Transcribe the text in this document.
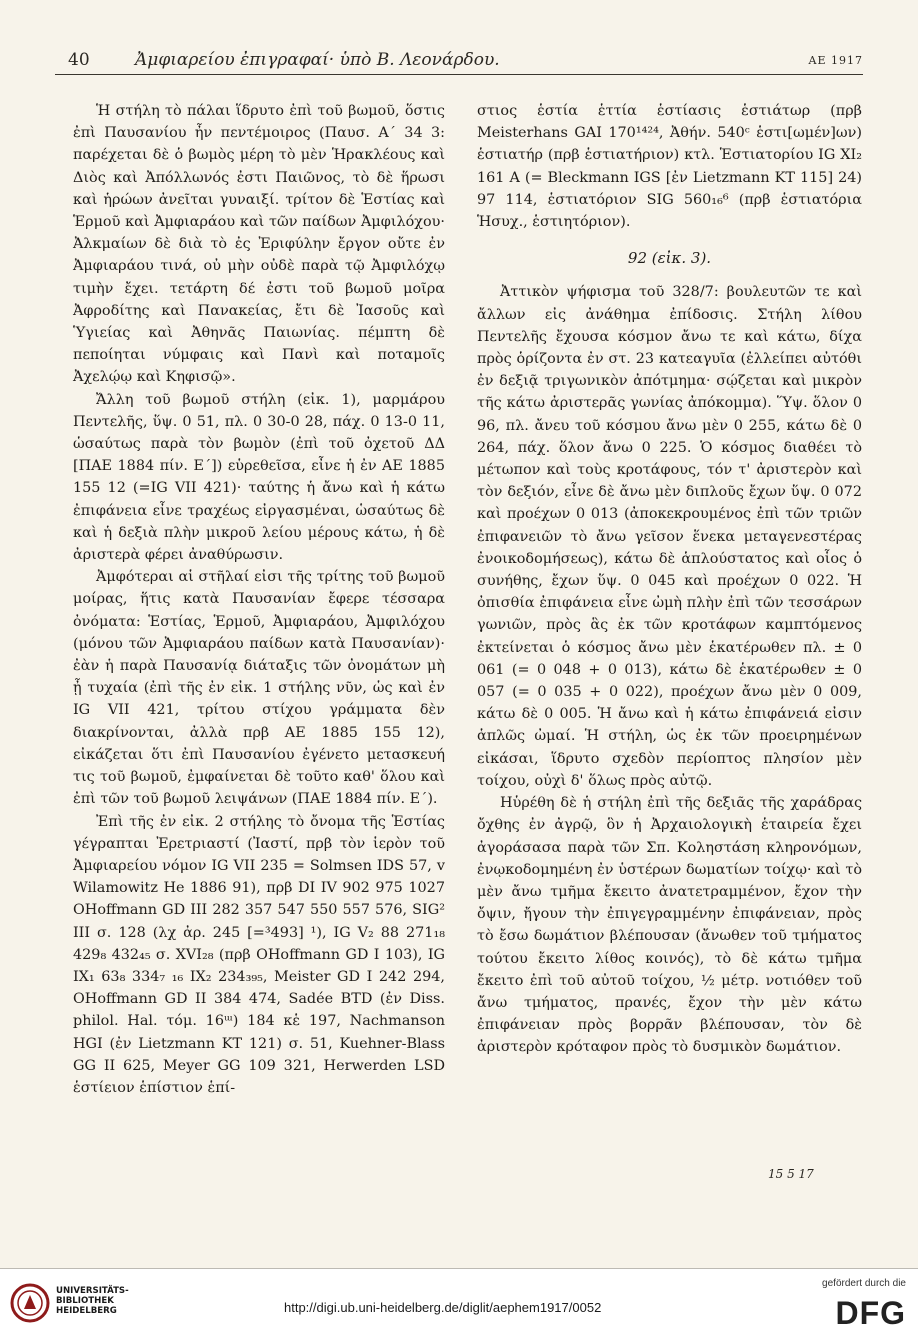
40	Ἀμφιαρείου ἐπιγραφαί· ὑπὸ Β. Λεονάρδου.	ΑΕ 1917

Ἡ στήλη τὸ πάλαι ἵδρυτο ἐπὶ τοῦ βωμοῦ, ὅστις ἐπὶ Παυσανίου ἦν πεντέμοιρος (Παυσ. Α΄ 34 3: παρέχεται δὲ ὁ βωμὸς μέρη τὸ μὲν Ἡρακλέους καὶ Διὸς καὶ Ἀπόλλωνός ἐστι Παιῶνος, τὸ δὲ ἥρωσι καὶ ἡρώων ἀνεῖται γυναιξί. τρίτον δὲ Ἑστίας καὶ Ἑρμοῦ καὶ Ἀμφιαράου καὶ τῶν παίδων Ἀμφιλόχου· Ἀλκμαίων δὲ διὰ τὸ ἐς Ἐριφύλην ἔργον οὔτε ἐν Ἀμφιαράου τινά, οὐ μὴν οὐδὲ παρὰ τῷ Ἀμφιλόχῳ τιμὴν ἔχει. τετάρτη δέ ἐστι τοῦ βωμοῦ μοῖρα Ἀφροδίτης καὶ Πανακείας, ἔτι δὲ Ἰασοῦς καὶ Ὑγιείας καὶ Ἀθηνᾶς Παιωνίας. πέμπτη δὲ πεποίηται νύμφαις καὶ Πανὶ καὶ ποταμοῖς Ἀχελῴῳ καὶ Κηφισῷ».

Ἄλλη τοῦ βωμοῦ στήλη (εἰκ. 1), μαρμάρου Πεντελῆς, ὕψ. 0 51, πλ. 0 30-0 28, πάχ. 0 13-0 11, ὡσαύτως παρὰ τὸν βωμὸν (ἐπὶ τοῦ ὀχετοῦ ΔΔ [ΠΑΕ 1884 πίν. Ε΄]) εὑρεθεῖσα, εἶνε ἡ ἐν ΑΕ 1885 155 12 (=IG VII 421)· ταύτης ἡ ἄνω καὶ ἡ κάτω ἐπιφάνεια εἶνε τραχέως εἰργασμέναι, ὡσαύτως δὲ καὶ ἡ δεξιὰ πλὴν μικροῦ λείου μέρους κάτω, ἡ δὲ ἀριστερὰ φέρει ἀναθύρωσιν.

Ἀμφότεραι αἱ στῆλαί εἰσι τῆς τρίτης τοῦ βωμοῦ μοίρας, ἥτις κατὰ Παυσανίαν ἔφερε τέσσαρα ὀνόματα: Ἑστίας, Ἑρμοῦ, Ἀμφιαράου, Ἀμφιλόχου (μόνου τῶν Ἀμφιαράου παίδων κατὰ Παυσανίαν)· ἐὰν ἡ παρὰ Παυσανίᾳ διάταξις τῶν ὀνομάτων μὴ ᾖ τυχαία (ἐπὶ τῆς ἐν εἰκ. 1 στήλης νῦν, ὡς καὶ ἐν IG VII 421, τρίτου στίχου γράμματα δὲν διακρίνονται, ἀλλὰ πρβ ΑΕ 1885 155 12), εἰκάζεται ὅτι ἐπὶ Παυσανίου ἐγένετο μετασκευή τις τοῦ βωμοῦ, ἐμφαίνεται δὲ τοῦτο καθ' ὅλου καὶ ἐπὶ τῶν τοῦ βωμοῦ λειψάνων (ΠΑΕ 1884 πίν. Ε΄).

Ἐπὶ τῆς ἐν εἰκ. 2 στήλης τὸ ὄνομα τῆς Ἑστίας γέγραπται Ἐρετριαστί (Ἰαστί, πρβ τὸν ἱερὸν τοῦ Ἀμφιαρείου νόμον IG VII 235 = Solmsen IDS 57, v Wilamowitz He 1886 91), πρβ DI IV 902 975 1027 OHoffmann GD III 282 357 547 550 557 576, SIG² III σ. 128 (λχ ἀρ. 245 [=³493] ¹), IG V₂ 88 271₁₈ 429₈ 432₄₅ σ. XVI₂₈ (πρβ OHoffmann GD I 103), IG IX₁ 63₈ 334₇ ₁₆ IX₂ 234₃₉₅, Meister GD I 242 294, OHoffmann GD II 384 474, Sadée BTD (ἐν Diss. philol. Hal. τόμ. 16ᵚ) 184 κἑ 197, Nachmanson HGI (ἐν Lietzmann KT 121) σ. 51, Kuehner-Blass GG II 625, Meyer GG 109 321, Herwerden LSD ἑστίειον ἑπίστιον ἑπί-

στιος ἑστία ἑττία ἑστίασις ἑστιάτωρ (πρβ Meisterhans GAI 170¹⁴²⁴, Ἀθήν. 540ᶜ ἑστι[ωμέν]ων) ἑστιατήρ (πρβ ἑστιατήριον) κτλ. Ἑστιατορίου IG XI₂ 161 A (= Bleckmann IGS [ἐν Lietzmann KT 115] 24) 97 114, ἑστιατόριον SIG 560₁₆⁶ (πρβ ἑστιατόρια Ἡσυχ., ἑστιητόριον).

92 (εἰκ. 3).

Ἀττικὸν ψήφισμα τοῦ 328/7: βουλευτῶν τε καὶ ἄλλων εἰς ἀνάθημα ἐπίδοσις. Στήλη λίθου Πεντελῆς ἔχουσα κόσμον ἄνω τε καὶ κάτω, δίχα πρὸς ὁρίζοντα ἐν στ. 23 κατεαγυῖα (ἐλλείπει αὐτόθι ἐν δεξιᾷ τριγωνικὸν ἀπότμημα· σῴζεται καὶ μικρὸν τῆς κάτω ἀριστερᾶς γωνίας ἀπόκομμα). Ὕψ. ὅλον 0 96, πλ. ἄνευ τοῦ κόσμου ἄνω μὲν 0 255, κάτω δὲ 0 264, πάχ. ὅλον ἄνω 0 225. Ὁ κόσμος διαθέει τὸ μέτωπον καὶ τοὺς κροτάφους, τόν τ' ἀριστερὸν καὶ τὸν δεξιόν, εἶνε δὲ ἄνω μὲν διπλοῦς ἔχων ὕψ. 0 072 καὶ προέχων 0 013 (ἀποκεκρουμένος ἐπὶ τῶν τριῶν ἐπιφανειῶν τὸ ἄνω γεῖσον ἕνεκα μεταγενεστέρας ἐνοικοδομήσεως), κάτω δὲ ἁπλούστατος καὶ οἷος ὁ συνήθης, ἔχων ὕψ. 0 045 καὶ προέχων 0 022. Ἡ ὀπισθία ἐπιφάνεια εἶνε ὠμὴ πλὴν ἐπὶ τῶν τεσσάρων γωνιῶν, πρὸς ἃς ἐκ τῶν κροτάφων καμπτόμενος ἐκτείνεται ὁ κόσμος ἄνω μὲν ἑκατέρωθεν πλ. ± 0 061 (= 0 048 + 0 013), κάτω δὲ ἑκατέρωθεν ± 0 057 (= 0 035 + 0 022), προέχων ἄνω μὲν 0 009, κάτω δὲ 0 005. Ἡ ἄνω καὶ ἡ κάτω ἐπιφάνειά εἰσιν ἁπλῶς ὠμαί. Ἡ στήλη, ὡς ἐκ τῶν προειρημένων εἰκάσαι, ἵδρυτο σχεδὸν περίοπτος πλησίον μὲν τοίχου, οὐχὶ δ' ὅλως πρὸς αὐτῷ.

Ηὑρέθη δὲ ἡ στήλη ἐπὶ τῆς δεξιᾶς τῆς χαράδρας ὄχθης ἐν ἀγρῷ, ὃν ἡ Ἀρχαιολογικὴ ἑταιρεία ἔχει ἀγοράσασα παρὰ τῶν Σπ. Κοληστάση κληρονόμων, ἐνῳκοδομημένη ἐν ὑστέρων δωματίων τοίχῳ· καὶ τὸ μὲν ἄνω τμῆμα ἔκειτο ἀνατετραμμένον, ἔχον τὴν ὄψιν, ἤγουν τὴν ἐπιγεγραμμένην ἐπιφάνειαν, πρὸς τὸ ἔσω δωμάτιον βλέπουσαν (ἄνωθεν τοῦ τμήματος τούτου ἔκειτο λίθος κοινός), τὸ δὲ κάτω τμῆμα ἔκειτο ἐπὶ τοῦ αὐτοῦ τοίχου, ½ μέτρ. νοτιόθεν τοῦ ἄνω τμήματος, πρανές, ἔχον τὴν μὲν κάτω ἐπιφάνειαν πρὸς βορρᾶν βλέπουσαν, τὸν δὲ ἀριστερὸν κρόταφον πρὸς τὸ δυσμικὸν δωμάτιον.

15 5 17
UNIVERSITÄTS-
BIBLIOTHEK
HEIDELBERG	http://digi.ub.uni-heidelberg.de/diglit/aephem1917/0052
gefördert durch die
DFG
